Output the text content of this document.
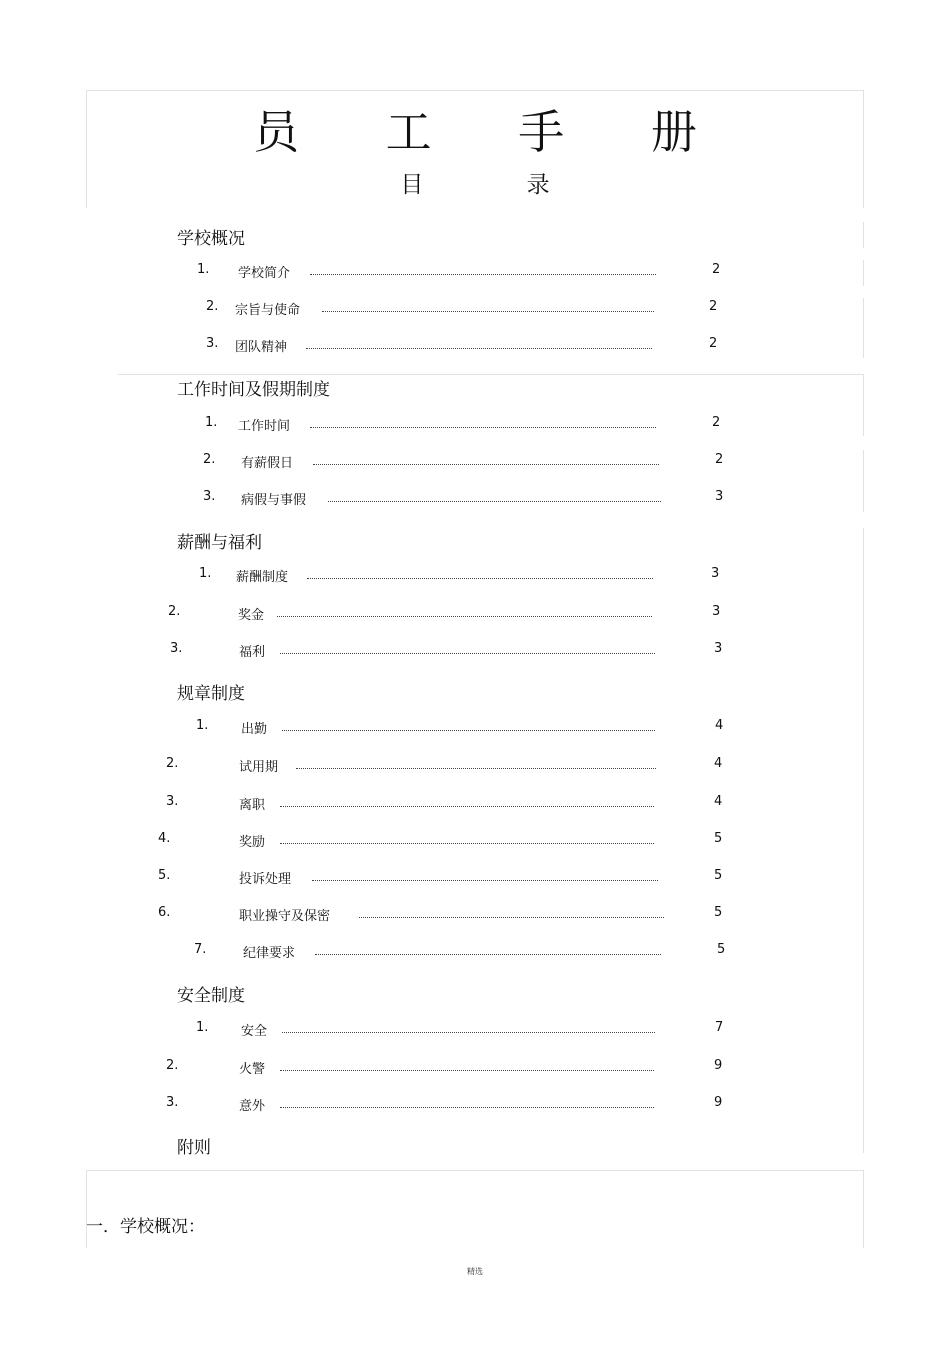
员 工 手 册
目 录
学校概况
1. 学校简介	2
2. 宗旨与使命	2
3. 团队精神	2
工作时间及假期制度
1. 工作时间	2
2. 有薪假日	2
3. 病假与事假	3
薪酬与福利
1. 薪酬制度	3
2.	奖金	3
3.	福利	3
规章制度
1.	出勤	4
2.	试用期	4
3.	离职	4
4.	奖励	5
5.	投诉处理	5
6.	职业操守及保密	5
7.	纪律要求	5
安全制度
1.	安全	7
2.	火警	9
3.	意外	9
附则
一．学校概况：
精选
